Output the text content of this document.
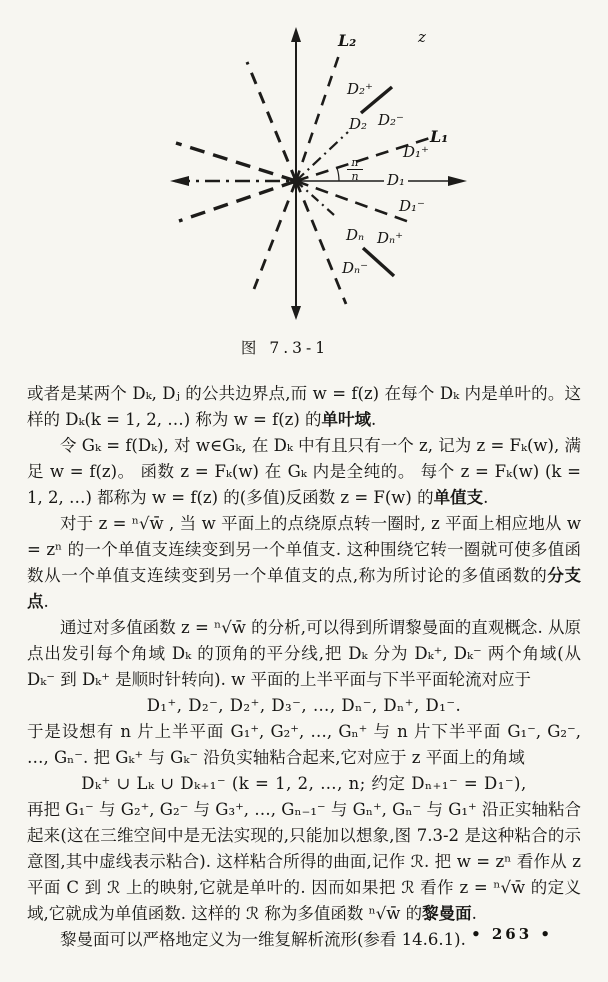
L₂	z
D₂⁺
D₂ D₂⁻
L₁
D₁⁺
$\frac{\pi}{n} D_1$
D₁⁻
Dₙ Dₙ⁺
Dₙ⁻
图 7.3-1

或者是某两个 Dₖ, Dⱼ 的公共边界点,而 w = f(z) 在每个 Dₖ 内是单叶的。这样的 Dₖ(k = 1, 2, …) 称为 w = f(z) 的单叶域.

令 Gₖ = f(Dₖ), 对 w∈Gₖ, 在 Dₖ 中有且只有一个 z, 记为 z = Fₖ(w), 满足 w = f(z)。 函数 z = Fₖ(w) 在 Gₖ 内是全纯的。 每个 z = Fₖ(w) (k = 1, 2, …) 都称为 w = f(z) 的(多值)反函数 z = F(w) 的单值支.

对于 z = ⁿ√w̄ , 当 w 平面上的点绕原点转一圈时, z 平面上相应地从 w = zⁿ 的一个单值支连续变到另一个单值支. 这种围绕它转一圈就可使多值函数从一个单值支连续变到另一个单值支的点,称为所讨论的多值函数的分支点.

通过对多值函数 z = ⁿ√w̄ 的分析,可以得到所谓黎曼面的直观概念. 从原点出发引每个角域 Dₖ 的顶角的平分线,把 Dₖ 分为 Dₖ⁺, Dₖ⁻ 两个角域(从 Dₖ⁻ 到 Dₖ⁺ 是顺时针转向). w 平面的上半平面与下半平面轮流对应于

D₁⁺, D₂⁻, D₂⁺, D₃⁻, …, Dₙ⁻, Dₙ⁺, D₁⁻.

于是设想有 n 片上半平面 G₁⁺, G₂⁺, …, Gₙ⁺ 与 n 片下半平面 G₁⁻, G₂⁻, …, Gₙ⁻. 把 Gₖ⁺ 与 Gₖ⁻ 沿负实轴粘合起来,它对应于 z 平面上的角域

Dₖ⁺ ∪ Lₖ ∪ Dₖ₊₁⁻ (k = 1, 2, …, n; 约定 Dₙ₊₁⁻ = D₁⁻),

再把 G₁⁻ 与 G₂⁺, G₂⁻ 与 G₃⁺, …, Gₙ₋₁⁻ 与 Gₙ⁺, Gₙ⁻ 与 G₁⁺ 沿正实轴粘合起来(这在三维空间中是无法实现的,只能加以想象,图 7.3-2 是这种粘合的示意图,其中虚线表示粘合). 这样粘合所得的曲面,记作 ℛ. 把 w = zⁿ 看作从 z 平面 C 到 ℛ 上的映射,它就是单叶的. 因而如果把 ℛ 看作 z = ⁿ√w̄ 的定义域,它就成为单值函数. 这样的 ℛ 称为多值函数 ⁿ√w̄ 的黎曼面.

黎曼面可以严格地定义为一维复解析流形(参看 14.6.1). • 263 •
